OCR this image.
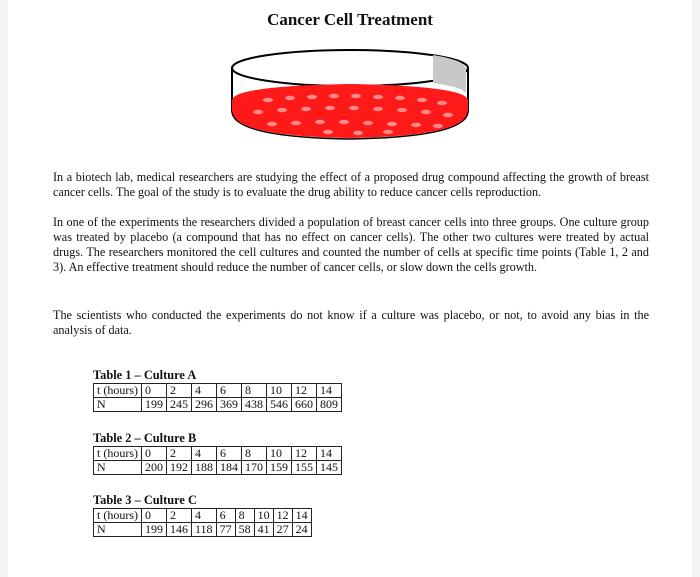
Cancer Cell Treatment
In a biotech lab, medical researchers are studying the effect of a proposed drug compound affecting the growth of breast cancer cells. The goal of the study is to evaluate the drug ability to reduce cancer cells reproduction.
In one of the experiments the researchers divided a population of breast cancer cells into three groups. One culture group was treated by placebo (a compound that has no effect on cancer cells). The other two cultures were treated by actual drugs. The researchers monitored the cell cultures and counted the number of cells at specific time points (Table 1, 2 and 3). An effective treatment should reduce the number of cancer cells, or slow down the cells growth.
The scientists who conducted the experiments do not know if a culture was placebo, or not, to avoid any bias in the analysis of data.
Table 1 – Culture A
t (hours)	0	2	4	6	8	10	12	14
N	199	245	296	369	438	546	660	809
Table 2 – Culture B
t (hours)	0	2	4	6	8	10	12	14
N	200	192	188	184	170	159	155	145
Table 3 – Culture C
t (hours)	0	2	4	6	8	10	12	14
N	199	146	118	77	58	41	27	24
